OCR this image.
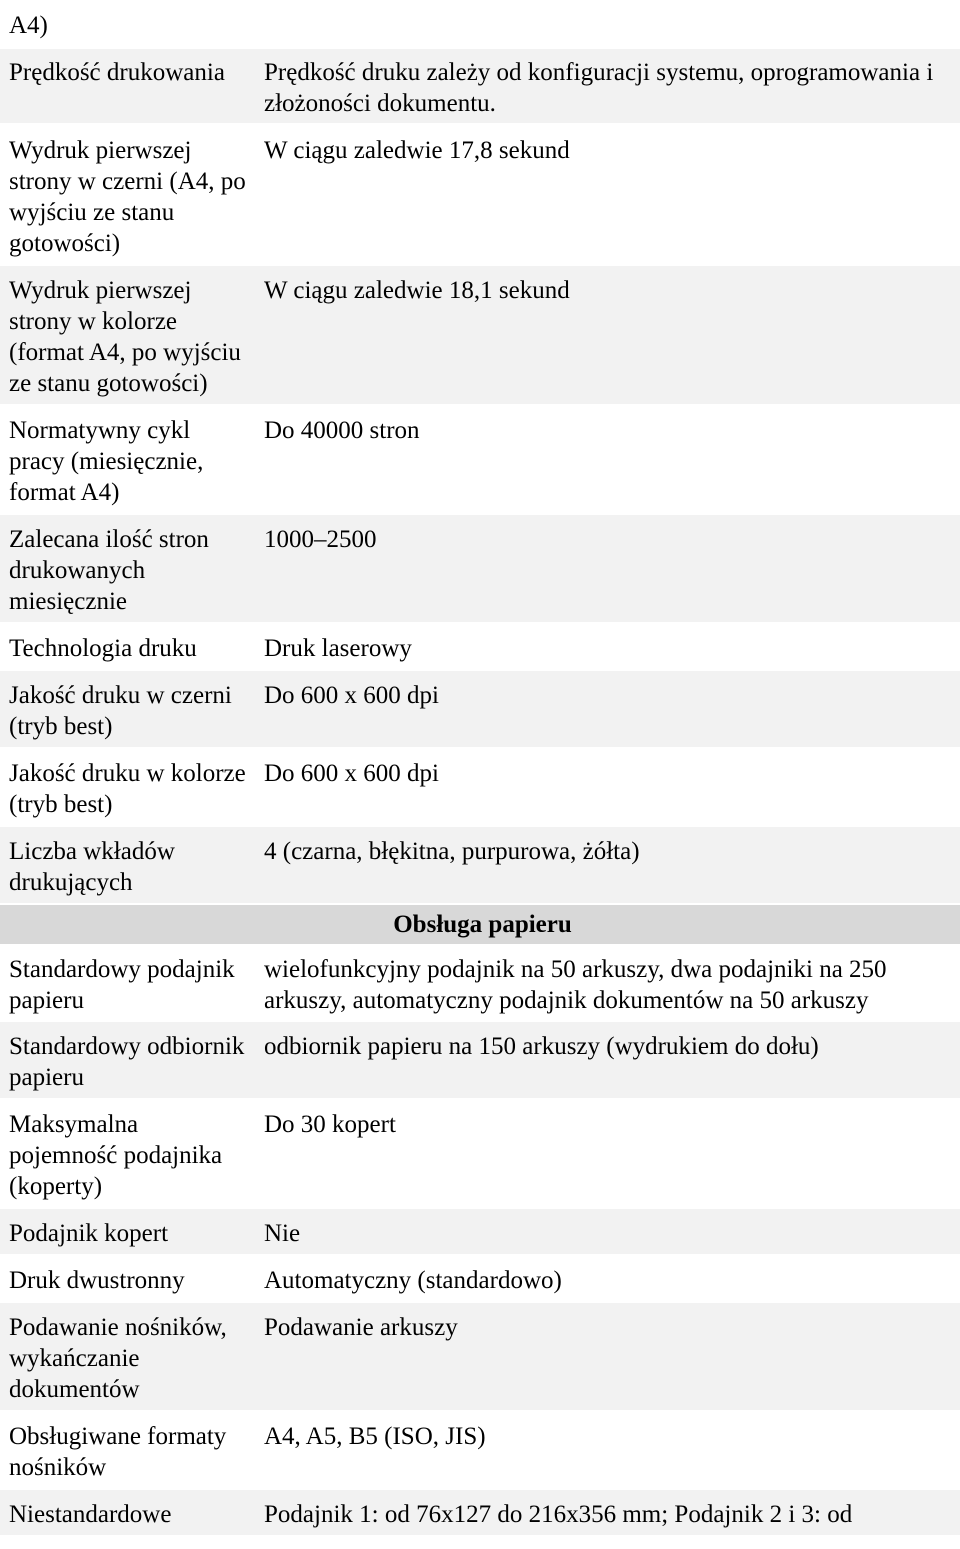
A4)	

Prędkość drukowania	Prędkość druku zależy od konfiguracji systemu, oprogramowania i złożoności dokumentu.

Wydruk pierwszej strony w czerni (A4, po wyjściu ze stanu gotowości)	W ciągu zaledwie 17,8 sekund

Wydruk pierwszej strony w kolorze (format A4, po wyjściu ze stanu gotowości)	W ciągu zaledwie 18,1 sekund

Normatywny cykl pracy (miesięcznie, format A4)	Do 40000 stron

Zalecana ilość stron drukowanych miesięcznie	1000–2500

Technologia druku	Druk laserowy

Jakość druku w czerni (tryb best)	Do 600 x 600 dpi

Jakość druku w kolorze (tryb best)	Do 600 x 600 dpi

Liczba wkładów drukujących	4 (czarna, błękitna, purpurowa, żółta)

Obsługa papieru	

Standardowy podajnik papieru	wielofunkcyjny podajnik na 50 arkuszy, dwa podajniki na 250 arkuszy, automatyczny podajnik dokumentów na 50 arkuszy

Standardowy odbiornik papieru	odbiornik papieru na 150 arkuszy (wydrukiem do dołu)

Maksymalna pojemność podajnika (koperty)	Do 30 kopert

Podajnik kopert	Nie

Druk dwustronny	Automatyczny (standardowo)

Podawanie nośników, wykańczanie dokumentów	Podawanie arkuszy

Obsługiwane formaty nośników	A4, A5, B5 (ISO, JIS)

Niestandardowe	Podajnik 1: od 76x127 do 216x356 mm; Podajnik 2 i 3: od
